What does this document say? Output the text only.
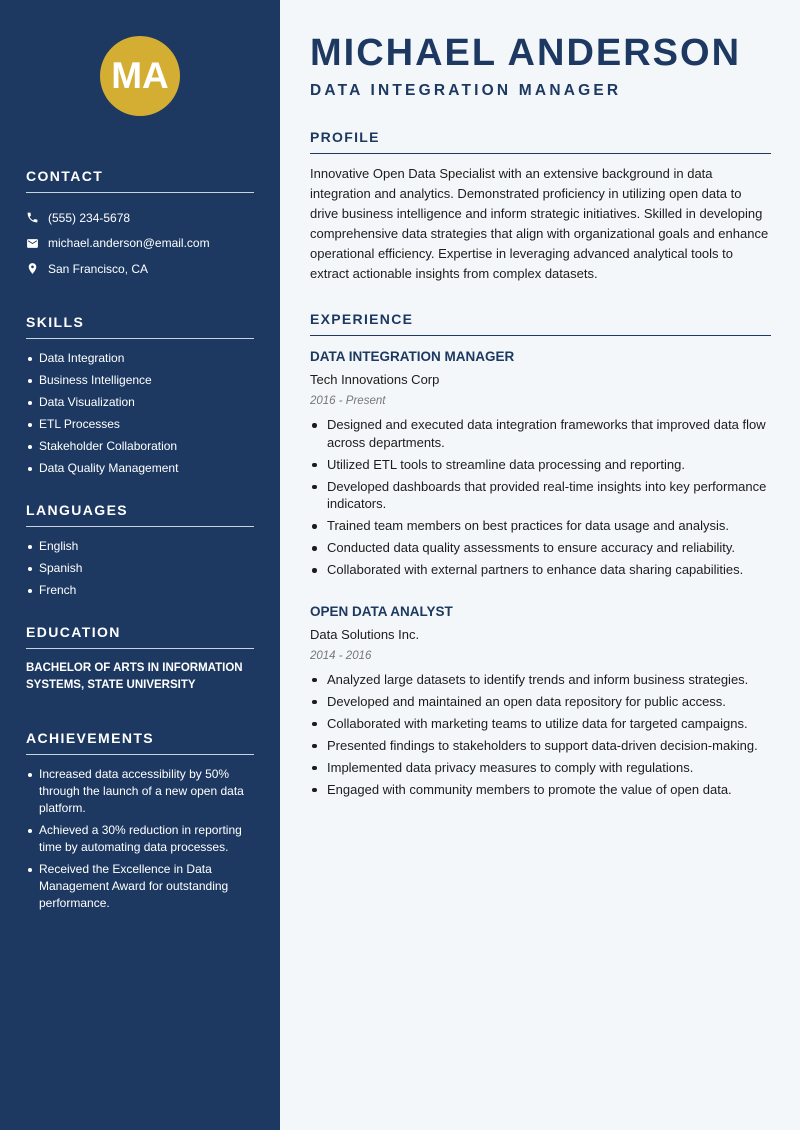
MA
CONTACT
(555) 234-5678
michael.anderson@email.com
San Francisco, CA
SKILLS
Data Integration
Business Intelligence
Data Visualization
ETL Processes
Stakeholder Collaboration
Data Quality Management
LANGUAGES
English
Spanish
French
EDUCATION

BACHELOR OF ARTS IN INFORMATION SYSTEMS, STATE UNIVERSITY

ACHIEVEMENTS
Increased data accessibility by 50% through the launch of a new open data platform.
Achieved a 30% reduction in reporting time by automating data processes.
Received the Excellence in Data Management Award for outstanding performance.
MICHAEL ANDERSON
DATA INTEGRATION MANAGER
PROFILE

Innovative Open Data Specialist with an extensive background in data integration and analytics. Demonstrated proficiency in utilizing open data to drive business intelligence and inform strategic initiatives. Skilled in developing comprehensive data strategies that align with organizational goals and enhance operational efficiency. Expertise in leveraging advanced analytical tools to extract actionable insights from complex datasets.

EXPERIENCE
DATA INTEGRATION MANAGER
Tech Innovations Corp
2016 - Present
Designed and executed data integration frameworks that improved data flow across departments.
Utilized ETL tools to streamline data processing and reporting.
Developed dashboards that provided real-time insights into key performance indicators.
Trained team members on best practices for data usage and analysis.
Conducted data quality assessments to ensure accuracy and reliability.
Collaborated with external partners to enhance data sharing capabilities.
OPEN DATA ANALYST
Data Solutions Inc.
2014 - 2016
Analyzed large datasets to identify trends and inform business strategies.
Developed and maintained an open data repository for public access.
Collaborated with marketing teams to utilize data for targeted campaigns.
Presented findings to stakeholders to support data-driven decision-making.
Implemented data privacy measures to comply with regulations.
Engaged with community members to promote the value of open data.
